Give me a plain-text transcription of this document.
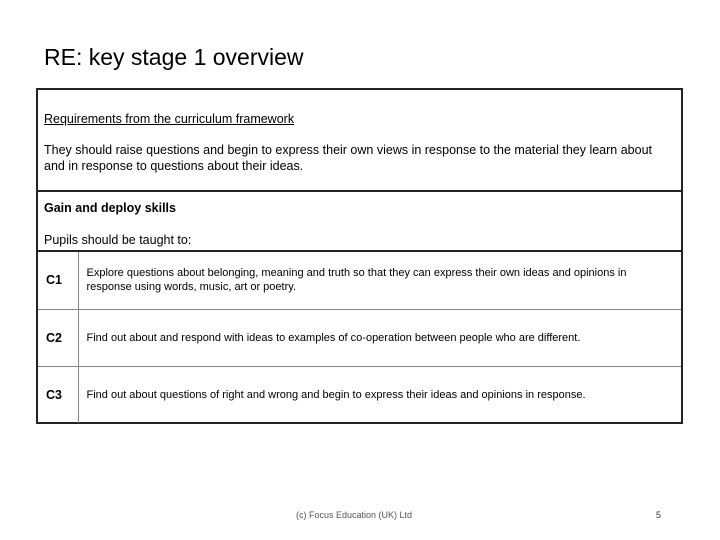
RE: key stage 1 overview
Requirements from the curriculum framework
They should raise questions and begin to express their own views in response to the material they learn about and in response to questions about their ideas.
Gain and deploy skills
Pupils should be taught to:
C1	Explore questions about belonging, meaning and truth so that they can express their own ideas and opinions in response using words, music, art or poetry.
C2	Find out about and respond with ideas to examples of co-operation between people who are different.
C3	Find out about questions of right and wrong and begin to express their ideas and opinions in response.
(c) Focus Education (UK) Ltd	5
